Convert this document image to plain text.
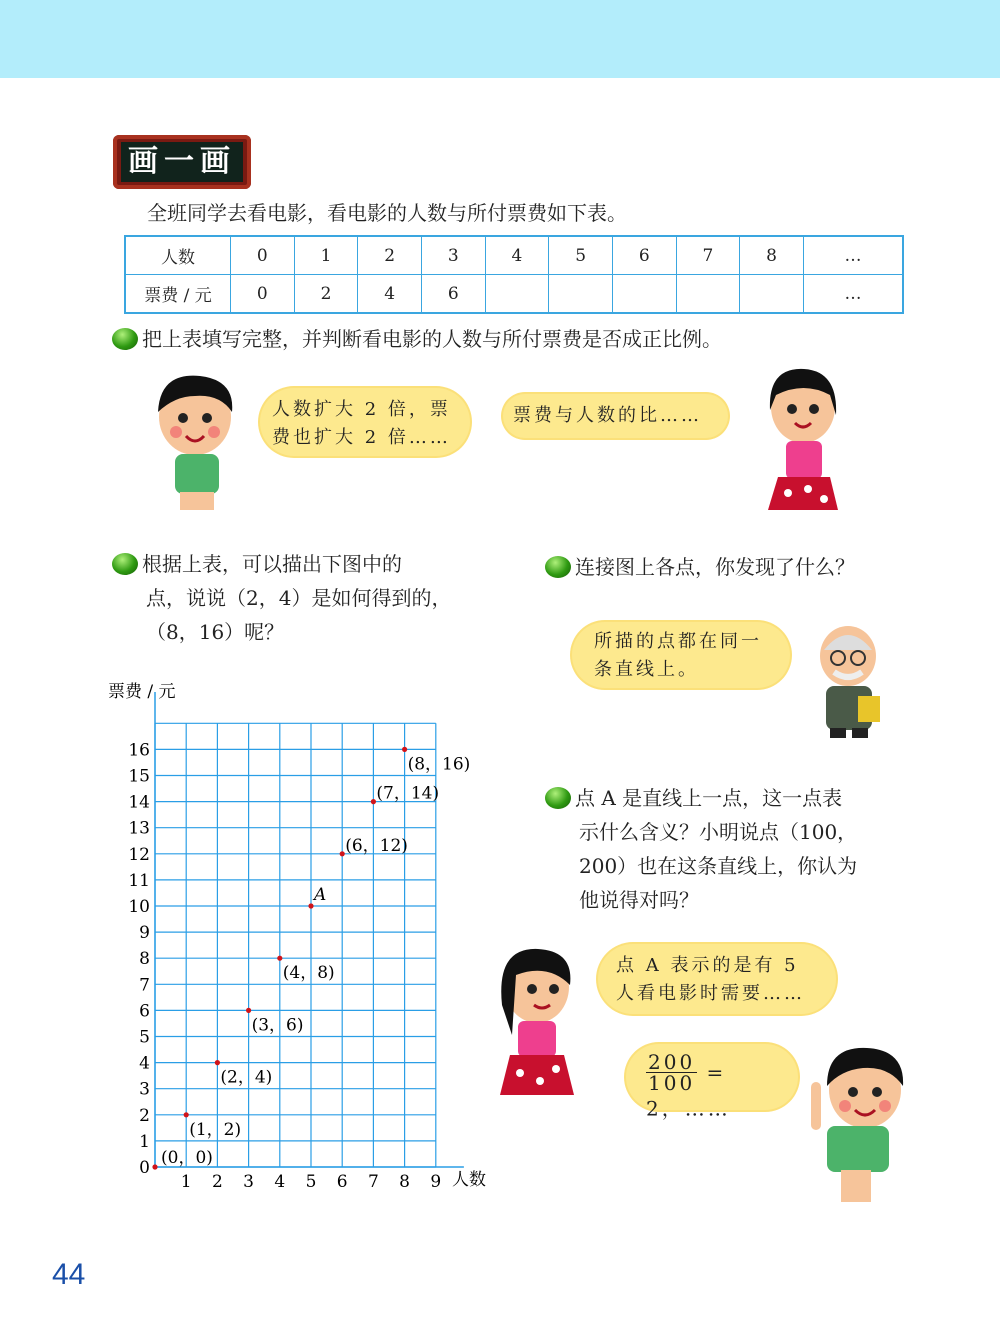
画一画
全班同学去看电影，看电影的人数与所付票费如下表。
人数	0	1	2	3	4	5	6	7	8	…
票费 / 元	0	2	4	6						…
把上表填写完整，并判断看电影的人数与所付票费是否成正比例。
人数扩大 2 倍，票费也扩大 2 倍……
票费与人数的比……
根据上表，可以描出下图中的
点，说说（2，4）是如何得到的，
（8，16）呢？
连接图上各点，你发现了什么？
所描的点都在同一条直线上。
点 A 是直线上一点，这一点表
示什么含义？小明说点（100，
200）也在这条直线上，你认为
他说得对吗？
点 A 表示的是有 5 人看电影时需要……
$\frac{200}{100} = 2$，……
票费 / 元
人数
1 2 3 4 5 6 7 8 9
0
1
2
3
4
5
6
7
8
9
10
11
12
13
14
15
16
(0，0)
(1，2)
(2，4)
(3，6)
(4，8)
A
(6，12)
(7，14)
(8，16)
44
